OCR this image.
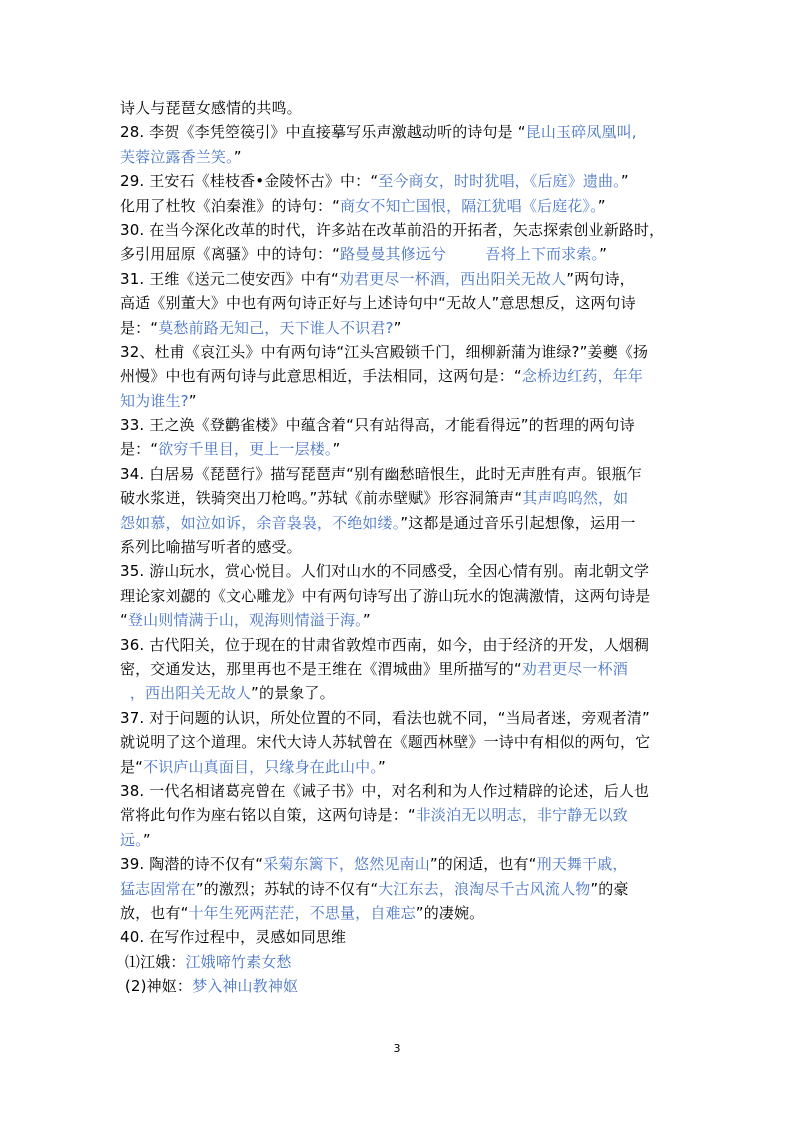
诗人与琵琶女感情的共鸣。
28. 李贺《李凭箜篌引》中直接摹写乐声激越动听的诗句是 “昆山玉碎凤凰叫,
芙蓉泣露香兰笑。”
29. 王安石《桂枝香•金陵怀古》中：“至今商女，时时犹唱，《后庭》遗曲。”
化用了杜牧《泊秦淮》的诗句：“商女不知亡国恨，隔江犹唱《后庭花》。”
30. 在当今深化改革的时代，许多站在改革前沿的开拓者，矢志探索创业新路时，
多引用屈原《离骚》中的诗句：“路曼曼其修远兮        吾将上下而求索。”
31. 王维《送元二使安西》中有“劝君更尽一杯酒，西出阳关无故人”两句诗，
高适《别董大》中也有两句诗正好与上述诗句中“无故人”意思想反，这两句诗
是：“莫愁前路无知己，天下谁人不识君?”
32、杜甫《哀江头》中有两句诗“江头宫殿锁千门，细柳新蒲为谁绿?”姜夔《扬
州慢》中也有两句诗与此意思相近，手法相同，这两句是：“念桥边红药，年年
知为谁生?”
33. 王之涣《登鹳雀楼》中蕴含着“只有站得高，才能看得远”的哲理的两句诗
是：“欲穷千里目，更上一层楼。”
34. 白居易《琵琶行》描写琵琶声“别有幽愁暗恨生，此时无声胜有声。银瓶乍
破水浆迸，铁骑突出刀枪鸣。”苏轼《前赤壁赋》形容洞箫声“其声呜呜然，如
怨如慕，如泣如诉，余音袅袅，不绝如缕。”这都是通过音乐引起想像，运用一
系列比喻描写听者的感受。
35. 游山玩水，赏心悦目。人们对山水的不同感受，全因心情有别。南北朝文学
理论家刘勰的《文心雕龙》中有两句诗写出了游山玩水的饱满激情，这两句诗是
“登山则情满于山，观海则情溢于海。”
36. 古代阳关，位于现在的甘肃省敦煌市西南，如今，由于经济的开发，人烟稠
密，交通发达，那里再也不是王维在《渭城曲》里所描写的“劝君更尽一杯酒
，西出阳关无故人”的景象了。
37. 对于问题的认识，所处位置的不同，看法也就不同，“当局者迷，旁观者清”
就说明了这个道理。宋代大诗人苏轼曾在《题西林壁》一诗中有相似的两句，它
是“不识庐山真面目，只缘身在此山中。”
38. 一代名相诸葛亮曾在《诫子书》中，对名利和为人作过精辟的论述，后人也
常将此句作为座右铭以自策，这两句诗是：“非淡泊无以明志，非宁静无以致
远。”
39. 陶潜的诗不仅有“采菊东篱下，悠然见南山”的闲适，也有“刑天舞干戚，
猛志固常在”的激烈；苏轼的诗不仅有“大江东去，浪淘尽千古风流人物”的豪
放，也有“十年生死两茫茫，不思量，自难忘”的凄婉。
40. 在写作过程中，灵感如同思维
⑴江娥：江娥啼竹素女愁
(2)神妪：梦入神山教神妪
3
